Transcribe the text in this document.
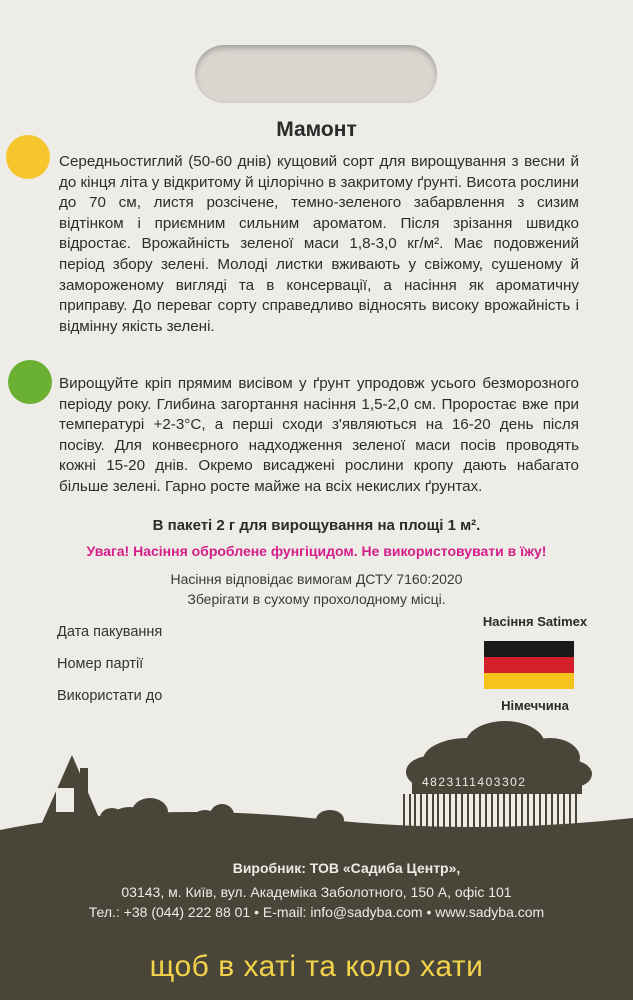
Мамонт
Середньостиглий (50-60 днів) кущовий сорт для вирощування з весни й до кінця літа у відкритому й цілорічно в закритому ґрунті. Висота рослини до 70 см, листя розсічене, темно-зеленого забарвлення з сизим відтінком і приємним сильним ароматом. Після зрізання швидко відростає. Врожайність зеленої маси 1,8-3,0 кг/м². Має подовжений період збору зелені. Молоді листки вживають у свіжому, сушеному й замороженому вигляді та в консервації, а насіння як ароматичну приправу. До переваг сорту справедливо відносять високу врожайність і відмінну якість зелені.
Вирощуйте кріп прямим висівом у ґрунт упродовж усього безморозного періоду року. Глибина загортання насіння 1,5-2,0 см. Проростає вже при температурі +2-3°С, а перші сходи з'являються на 16-20 день після посіву. Для конвеєрного надходження зеленої маси посів проводять кожні 15-20 днів. Окремо висаджені рослини кропу дають набагато більше зелені. Гарно росте майже на всіх некислих ґрунтах.
В пакеті 2 г для вирощування на площі 1 м².
Увага! Насіння оброблене фунгіцидом. Не використовувати в їжу!
Насіння відповідає вимогам ДСТУ 7160:2020
Зберігати в сухому прохолодному місці.
Дата пакування
Номер партії
Використати до
Насіння Satimex
Німеччина
4823111403302
Виробник: ТОВ «Садиба Центр»,
03143, м. Київ, вул. Академіка Заболотного, 150 А, офіс 101
Тел.: +38 (044) 222 88 01 • E-mail: info@sadyba.com • www.sadyba.com
щоб в хаті та коло хати
